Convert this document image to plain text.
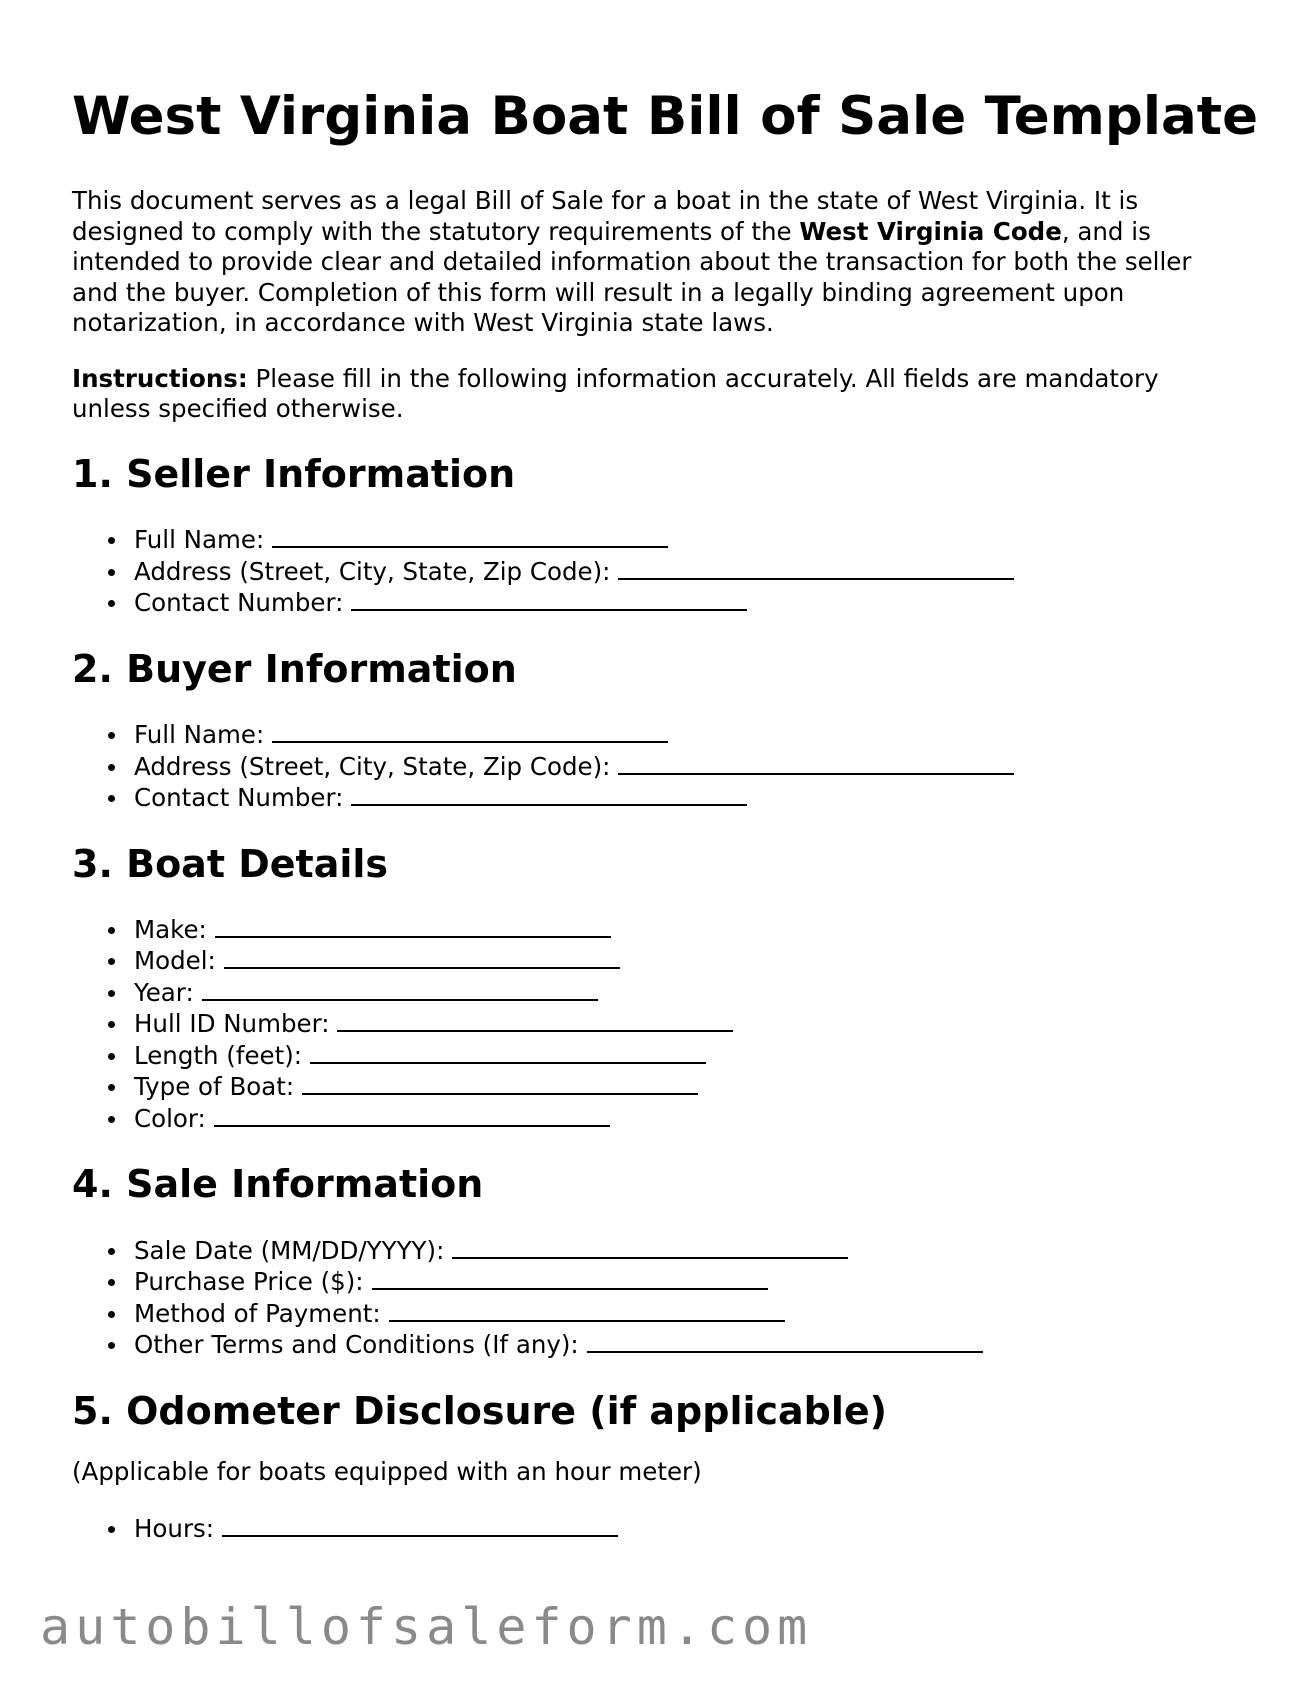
West Virginia Boat Bill of Sale Template

This document serves as a legal Bill of Sale for a boat in the state of West Virginia. It is designed to comply with the statutory requirements of the West Virginia Code, and is intended to provide clear and detailed information about the transaction for both the seller and the buyer. Completion of this form will result in a legally binding agreement upon notarization, in accordance with West Virginia state laws.

Instructions: Please fill in the following information accurately. All fields are mandatory unless specified otherwise.

1. Seller Information
Full Name:
Address (Street, City, State, Zip Code):
Contact Number:
2. Buyer Information
Full Name:
Address (Street, City, State, Zip Code):
Contact Number:
3. Boat Details
Make:
Model:
Year:
Hull ID Number:
Length (feet):
Type of Boat:
Color:
4. Sale Information
Sale Date (MM/DD/YYYY):
Purchase Price ($):
Method of Payment:
Other Terms and Conditions (If any):
5. Odometer Disclosure (if applicable)

(Applicable for boats equipped with an hour meter)

Hours:
autobillofsaleform.com
